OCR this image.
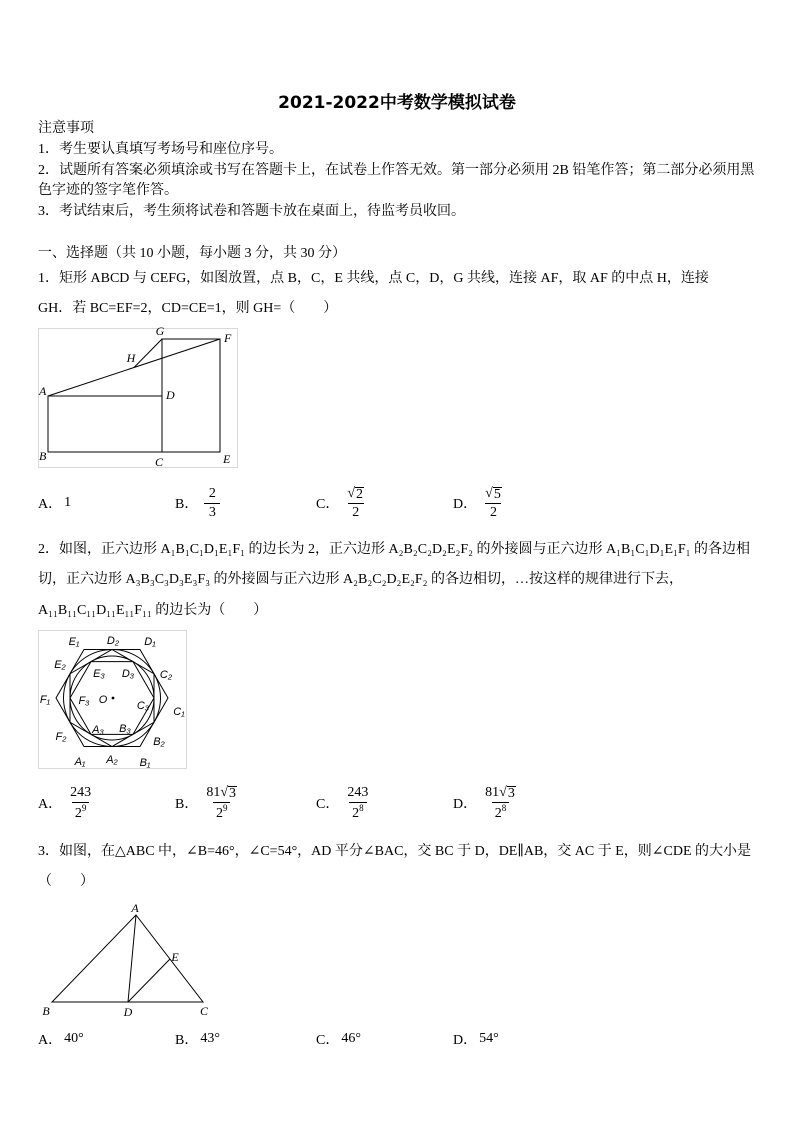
2021-2022中考数学模拟试卷
注意事项
1．考生要认真填写考场号和座位序号。
2．试题所有答案必须填涂或书写在答题卡上，在试卷上作答无效。第一部分必须用 2B 铅笔作答；第二部分必须用黑
色字迹的签字笔作答。
3．考试结束后，考生须将试卷和答题卡放在桌面上，待监考员收回。
一、选择题（共 10 小题，每小题 3 分，共 30 分）
1．矩形 ABCD 与 CEFG，如图放置，点 B，C，E 共线，点 C，D，G 共线，连接 AF，取 AF 的中点 H，连接
GH．若 BC=EF=2，CD=CE=1，则 GH=（　　）
G	F
H
A	D
B	C	E
A． 1	B． $\frac{2}{3}$	C． $\frac{√ 2}{2}$	D． $\frac{√ 5}{2}$
2．如图，正六边形 A₁B₁C₁D₁E₁F₁ 的边长为 2，正六边形 A₂B₂C₂D₂E₂F₂ 的外接圆与正六边形 A₁B₁C₁D₁E₁F₁ 的各边相
切，正六边形 A₃B₃C₃D₃E₃F₃ 的外接圆与正六边形 A₂B₂C₂D₂E₂F₂ 的各边相切，…按这样的规律进行下去，
A₁₁B₁₁C₁₁D₁₁E₁₁F₁₁ 的边长为（　　）
E₁	D₂ D₁
E₂
C₂
E₃ D₃
F₁	F₃ O	C₃ C₁
A₃ B₃
F₂	B₂
A₁ A₂ B₁
A． $\frac{243}{2^9}$	B． $\frac{81 √ 3}{2^9}$	C． $\frac{243}{2^8}$	D． $\frac{81 √ 3}{2^8}$
3．如图，在△ABC 中，∠B=46°，∠C=54°，AD 平分∠BAC，交 BC 于 D，DE∥AB，交 AC 于 E，则∠CDE 的大小是
（　　）
A
B	C
D
E
A． 40°	B． 43°	C． 46°	D． 54°
